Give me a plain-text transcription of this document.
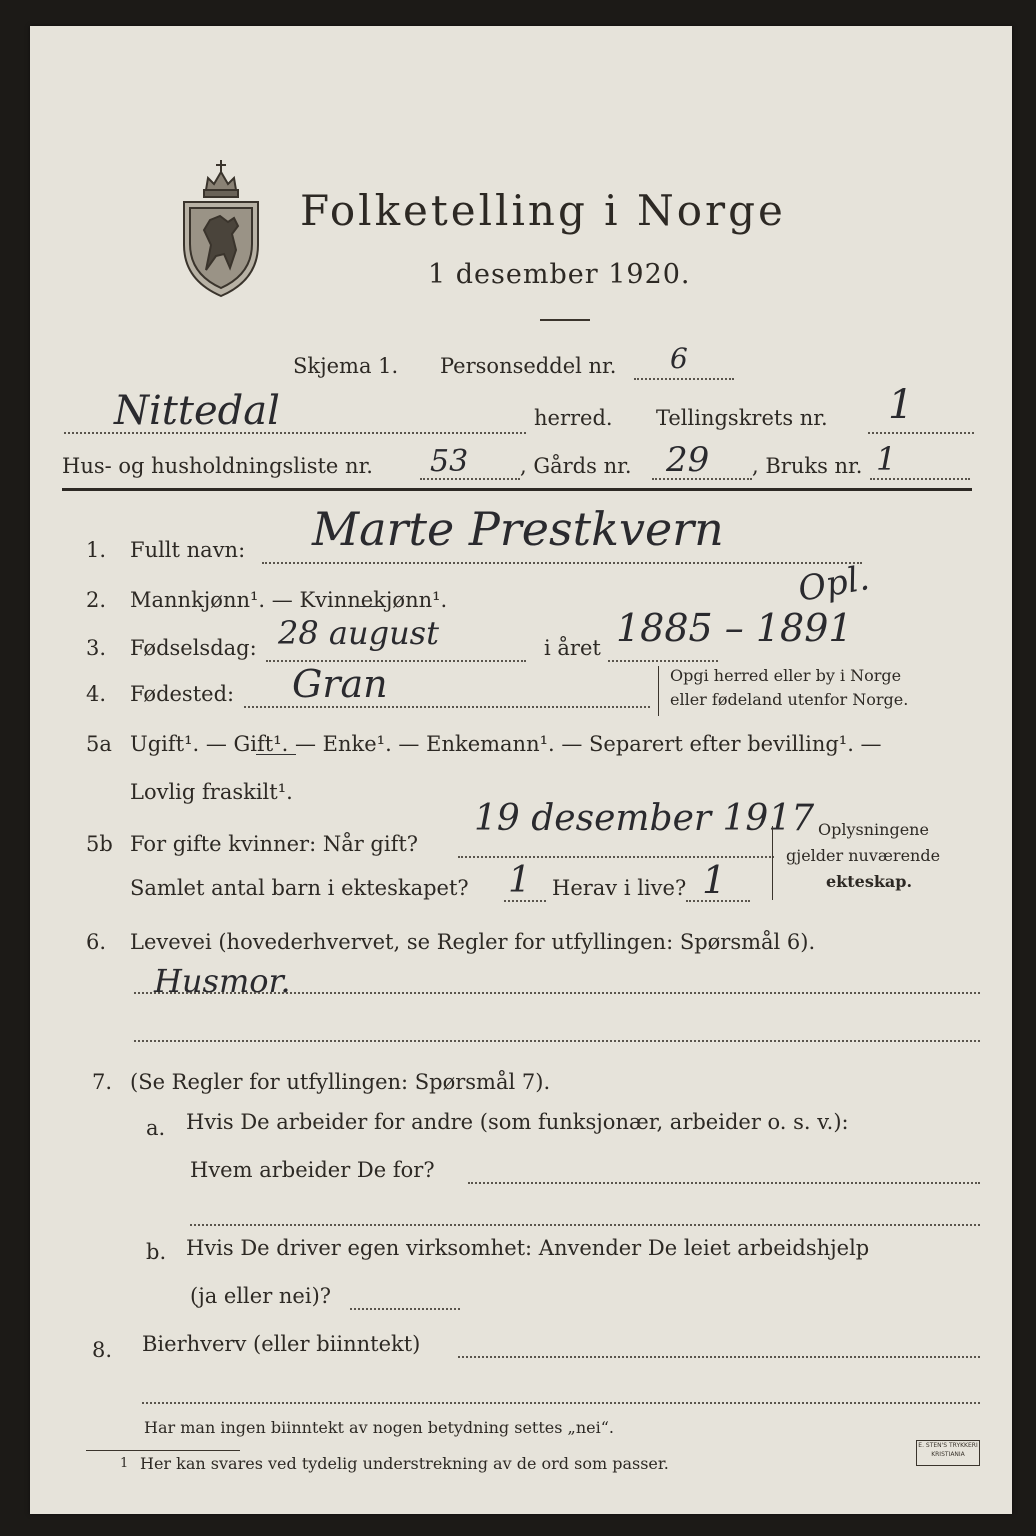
Folketelling i Norge
1 desember 1920.
Skjema 1. Personseddel nr. 6
Nittedal	herred. Tellingskrets nr. 1
Hus- og husholdningsliste nr. 53 , Gårds nr. 29 , Bruks nr. 1
1. Fullt navn: Marte Prestkvern
2. Mannkjønn¹. — Kvinnekjønn¹.	Opl.
3. Fødselsdag: 28 august	i året 1885 – 1891
4. Fødested: Gran	Opgi herred eller by i Norge
eller fødeland utenfor Norge.
5a Ugift¹. — Gift¹. — Enke¹. — Enkemann¹. — Separert efter bevilling¹. —
Lovlig fraskilt¹.
5b For gifte kvinner: Når gift?
19 desember 1917
Samlet antal barn i ekteskapet? 1 Herav i live? 1
Oplysningene
gjelder nuværende
ekteskap.
6. Levevei (hovederhvervet, se Regler for utfyllingen: Spørsmål 6).
Husmor.
7. (Se Regler for utfyllingen: Spørsmål 7).
a. Hvis De arbeider for andre (som funksjonær, arbeider o. s. v.):
Hvem arbeider De for?
b. Hvis De driver egen virksomhet: Anvender De leiet arbeidshjelp
(ja eller nei)?
8. Bierhverv (eller biinntekt)
Har man ingen biinntekt av nogen betydning settes „nei“.
1 Her kan svares ved tydelig understrekning av de ord som passer.
E. STEN'S TRYKKERI
KRISTIANIA
